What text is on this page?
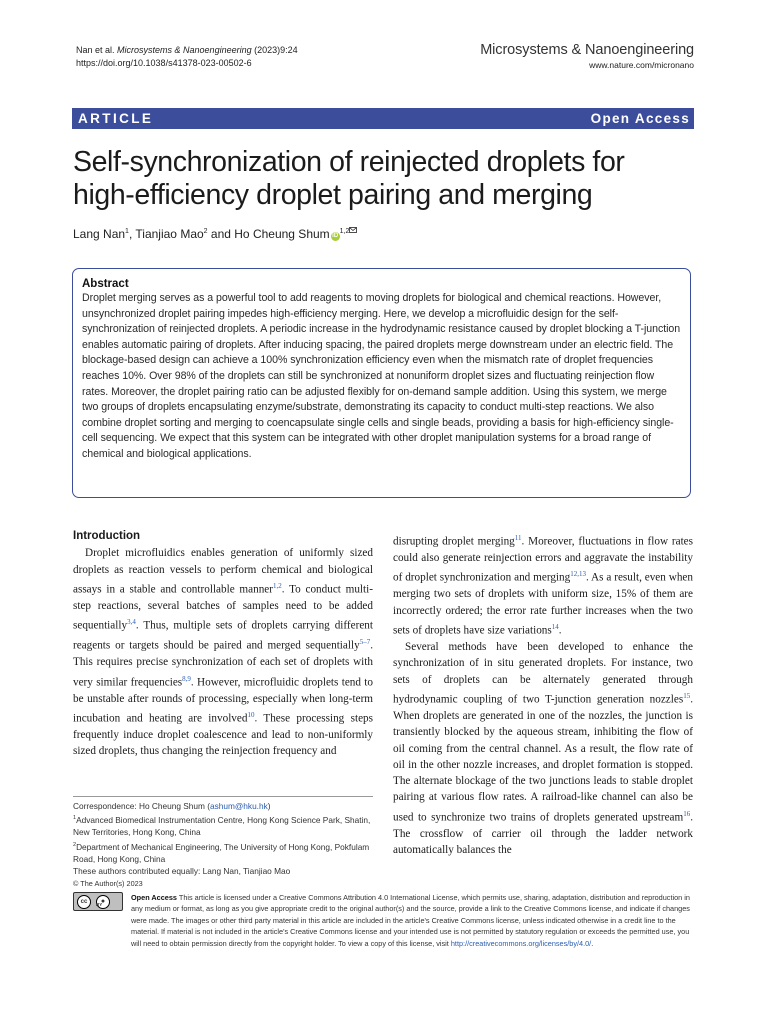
Nan et al. Microsystems & Nanoengineering (2023)9:24
https://doi.org/10.1038/s41378-023-00502-6
Microsystems & Nanoengineering
www.nature.com/micronano
ARTICLE	Open Access
Self-synchronization of reinjected droplets for high-efficiency droplet pairing and merging
Lang Nan$^1$, Tianjiao Mao$^2$ and Ho Cheung Shum iD$^{1,2}$
Abstract

Droplet merging serves as a powerful tool to add reagents to moving droplets for biological and chemical reactions. However, unsynchronized droplet pairing impedes high-efficiency merging. Here, we develop a microfluidic design for the self-synchronization of reinjected droplets. A periodic increase in the hydrodynamic resistance caused by droplet blocking a T-junction enables automatic pairing of droplets. After inducing spacing, the paired droplets merge downstream under an electric field. The blockage-based design can achieve a 100% synchronization efficiency even when the mismatch rate of droplet frequencies reaches 10%. Over 98% of the droplets can still be synchronized at nonuniform droplet sizes and fluctuating reinjection flow rates. Moreover, the droplet pairing ratio can be adjusted flexibly for on-demand sample addition. Using this system, we merge two groups of droplets encapsulating enzyme/substrate, demonstrating its capacity to conduct multi-step reactions. We also combine droplet sorting and merging to coencapsulate single cells and single beads, providing a basis for high-efficiency single-cell sequencing. We expect that this system can be integrated with other droplet manipulation systems for a broad range of chemical and biological applications.

Introduction

Droplet microfluidics enables generation of uniformly sized droplets as reaction vessels to perform chemical and biological assays in a stable and controllable manner$^{1,2}$. To conduct multi-step reactions, several batches of samples need to be added sequentially$^{3,4}$. Thus, multiple sets of droplets carrying different reagents or targets should be paired and merged sequentially$^{5-7}$. This requires precise synchronization of each set of droplets with very similar frequencies$^{8,9}$. However, microfluidic droplets tend to be unstable after rounds of processing, especially when long-term incubation and heating are involved$^{10}$. These processing steps frequently induce droplet coalescence and lead to non-uniformly sized droplets, thus changing the reinjection frequency and

disrupting droplet merging$^{11}$. Moreover, fluctuations in flow rates could also generate reinjection errors and aggravate the instability of droplet synchronization and merging$^{12,13}$. As a result, even when merging two sets of droplets with uniform size, 15% of them are incorrectly ordered; the error rate further increases when the two sets of droplets have size variations$^{14}$.

Several methods have been developed to enhance the synchronization of in situ generated droplets. For instance, two sets of droplets can be alternately generated through hydrodynamic coupling of two T-junction generation nozzles$^{15}$. When droplets are generated in one of the nozzles, the junction is transiently blocked by the aqueous stream, inhibiting the flow of oil coming from the central channel. As a result, the flow rate of oil in the other nozzle increases, and droplet formation is stopped. The alternate blockage of the two junctions leads to stable droplet pairing at various flow rates. A railroad-like channel can also be used to synchronize two trains of droplets generated upstream$^{16}$. The crossflow of carrier oil through the ladder network automatically balances the

Correspondence: Ho Cheung Shum (ashum@hku.hk)
$^1$Advanced Biomedical Instrumentation Centre, Hong Kong Science Park, Shatin, New Territories, Hong Kong, China
$^2$Department of Mechanical Engineering, The University of Hong Kong, Pokfulam Road, Hong Kong, China
These authors contributed equally: Lang Nan, Tianjiao Mao
© The Author(s) 2023
cc	●
BY
Open Access This article is licensed under a Creative Commons Attribution 4.0 International License, which permits use, sharing, adaptation, distribution and reproduction in any medium or format, as long as you give appropriate credit to the original author(s) and the source, provide a link to the Creative Commons license, and indicate if changes were made. The images or other third party material in this article are included in the article's Creative Commons license, unless indicated otherwise in a credit line to the material. If material is not included in the article's Creative Commons license and your intended use is not permitted by statutory regulation or exceeds the permitted use, you will need to obtain permission directly from the copyright holder. To view a copy of this license, visit http://creativecommons.org/licenses/by/4.0/.
